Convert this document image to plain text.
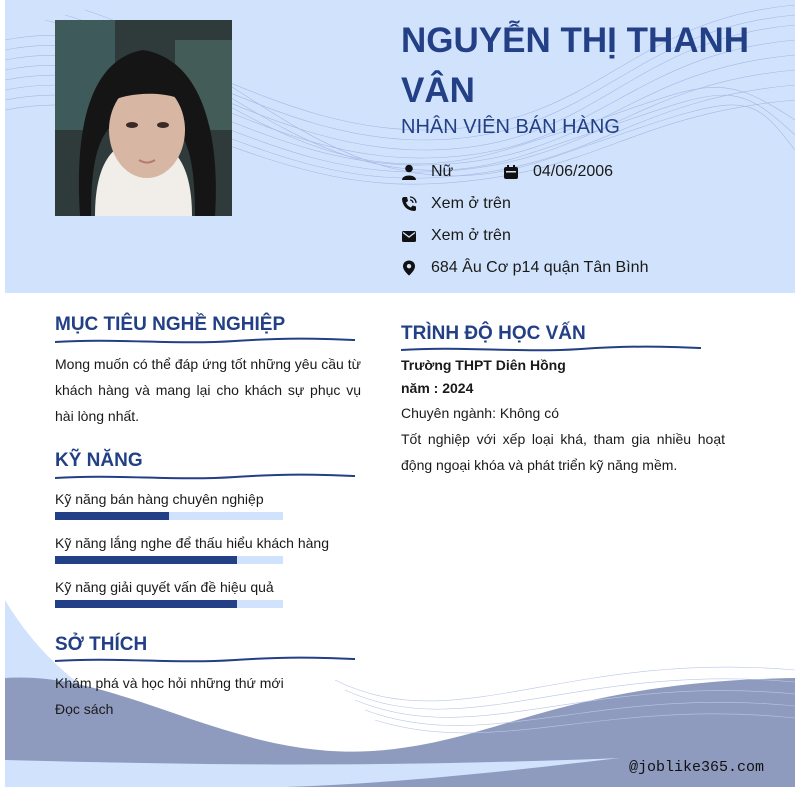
NGUYỄN THỊ THANH VÂN
NHÂN VIÊN BÁN HÀNG
Nữ	04/06/2006
Xem ở trên
Xem ở trên
684 Âu Cơ p14 quận Tân Bình
MỤC TIÊU NGHỀ NGHIỆP

Mong muốn có thể đáp ứng tốt những yêu cầu từ khách hàng và mang lại cho khách sự phục vụ hài lòng nhất.

KỸ NĂNG
Kỹ năng bán hàng chuyên nghiệp
Kỹ năng lắng nghe để thấu hiểu khách hàng
Kỹ năng giải quyết vấn đề hiệu quả
SỞ THÍCH
Khám phá và học hỏi những thứ mới
Đọc sách
TRÌNH ĐỘ HỌC VẤN
Trường THPT Diên Hồng
năm : 2024
Chuyên ngành: Không có

Tốt nghiệp với xếp loại khá, tham gia nhiều hoạt động ngoại khóa và phát triển kỹ năng mềm.

@joblike365.com
